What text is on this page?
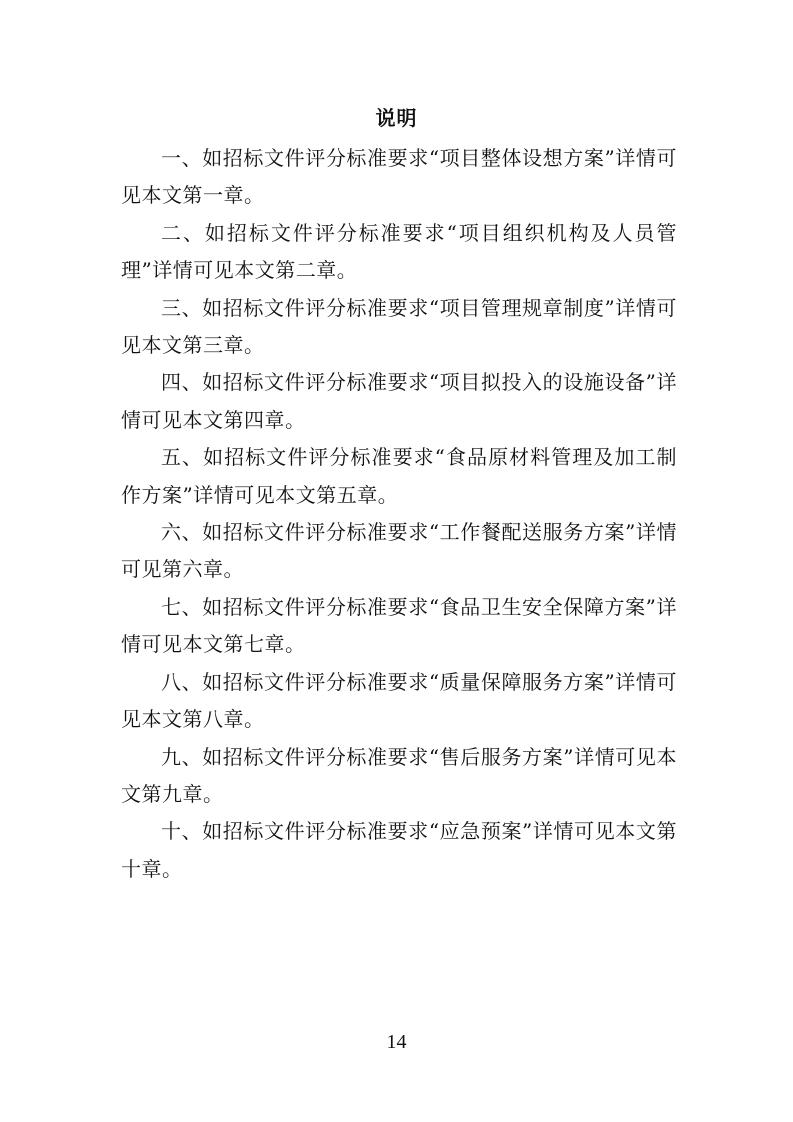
说明

一、如招标文件评分标准要求“项目整体设想方案”详情可见本文第一章。

二、如招标文件评分标准要求“项目组织机构及人员管理”详情可见本文第二章。

三、如招标文件评分标准要求“项目管理规章制度”详情可见本文第三章。

四、如招标文件评分标准要求“项目拟投入的设施设备”详情可见本文第四章。

五、如招标文件评分标准要求“食品原材料管理及加工制作方案”详情可见本文第五章。

六、如招标文件评分标准要求“工作餐配送服务方案”详情可见第六章。

七、如招标文件评分标准要求“食品卫生安全保障方案”详情可见本文第七章。

八、如招标文件评分标准要求“质量保障服务方案”详情可见本文第八章。

九、如招标文件评分标准要求“售后服务方案”详情可见本文第九章。

十、如招标文件评分标准要求“应急预案”详情可见本文第十章。

14
